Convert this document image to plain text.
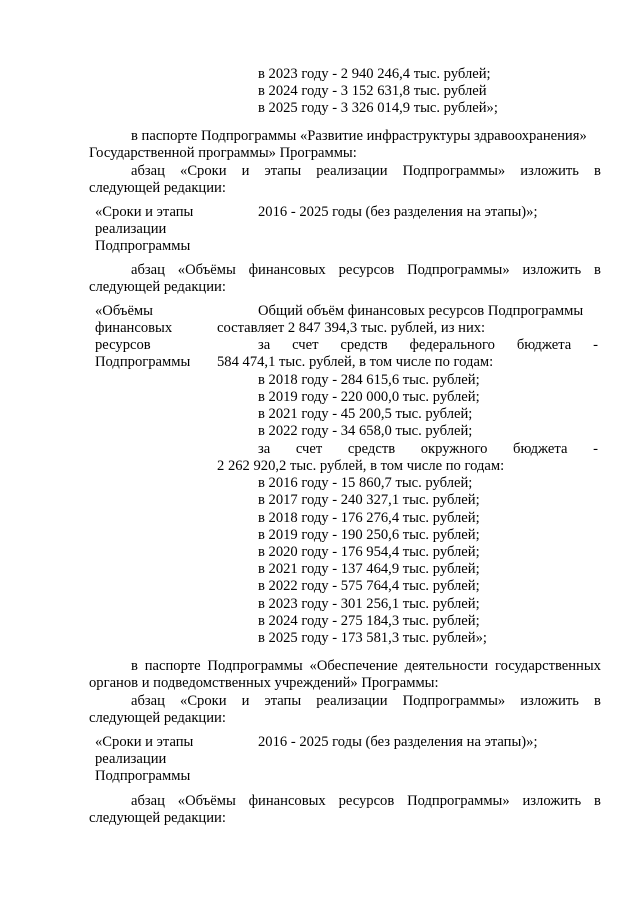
в 2023 году - 2 940 246,4 тыс. рублей;
в 2024 году - 3 152 631,8 тыс. рублей
в 2025 году - 3 326 014,9 тыс. рублей»;
в паспорте Подпрограммы «Развитие инфраструктуры здравоохранения»
Государственной программы» Программы:
абзац «Сроки и этапы реализации Подпрограммы» изложить в
следующей редакции:
«Сроки и этапы
реализации
Подпрограммы
2016 - 2025 годы (без разделения на этапы)»;
абзац «Объёмы финансовых ресурсов Подпрограммы» изложить в
следующей редакции:
«Объёмы
финансовых
ресурсов
Подпрограммы
Общий объём финансовых ресурсов Подпрограммы
составляет 2 847 394,3 тыс. рублей, из них:
за счет средств федерального бюджета -
584 474,1 тыс. рублей, в том числе по годам:
в 2018 году - 284 615,6 тыс. рублей;
в 2019 году - 220 000,0 тыс. рублей;
в 2021 году - 45 200,5 тыс. рублей;
в 2022 году - 34 658,0 тыс. рублей;
за счет средств окружного бюджета -
2 262 920,2 тыс. рублей, в том числе по годам:
в 2016 году - 15 860,7 тыс. рублей;
в 2017 году - 240 327,1 тыс. рублей;
в 2018 году - 176 276,4 тыс. рублей;
в 2019 году - 190 250,6 тыс. рублей;
в 2020 году - 176 954,4 тыс. рублей;
в 2021 году - 137 464,9 тыс. рублей;
в 2022 году - 575 764,4 тыс. рублей;
в 2023 году - 301 256,1 тыс. рублей;
в 2024 году - 275 184,3 тыс. рублей;
в 2025 году - 173 581,3 тыс. рублей»;
в паспорте Подпрограммы «Обеспечение деятельности государственных
органов и подведомственных учреждений» Программы:
абзац «Сроки и этапы реализации Подпрограммы» изложить в
следующей редакции:
«Сроки и этапы
реализации
Подпрограммы
2016 - 2025 годы (без разделения на этапы)»;
абзац «Объёмы финансовых ресурсов Подпрограммы» изложить в
следующей редакции:
